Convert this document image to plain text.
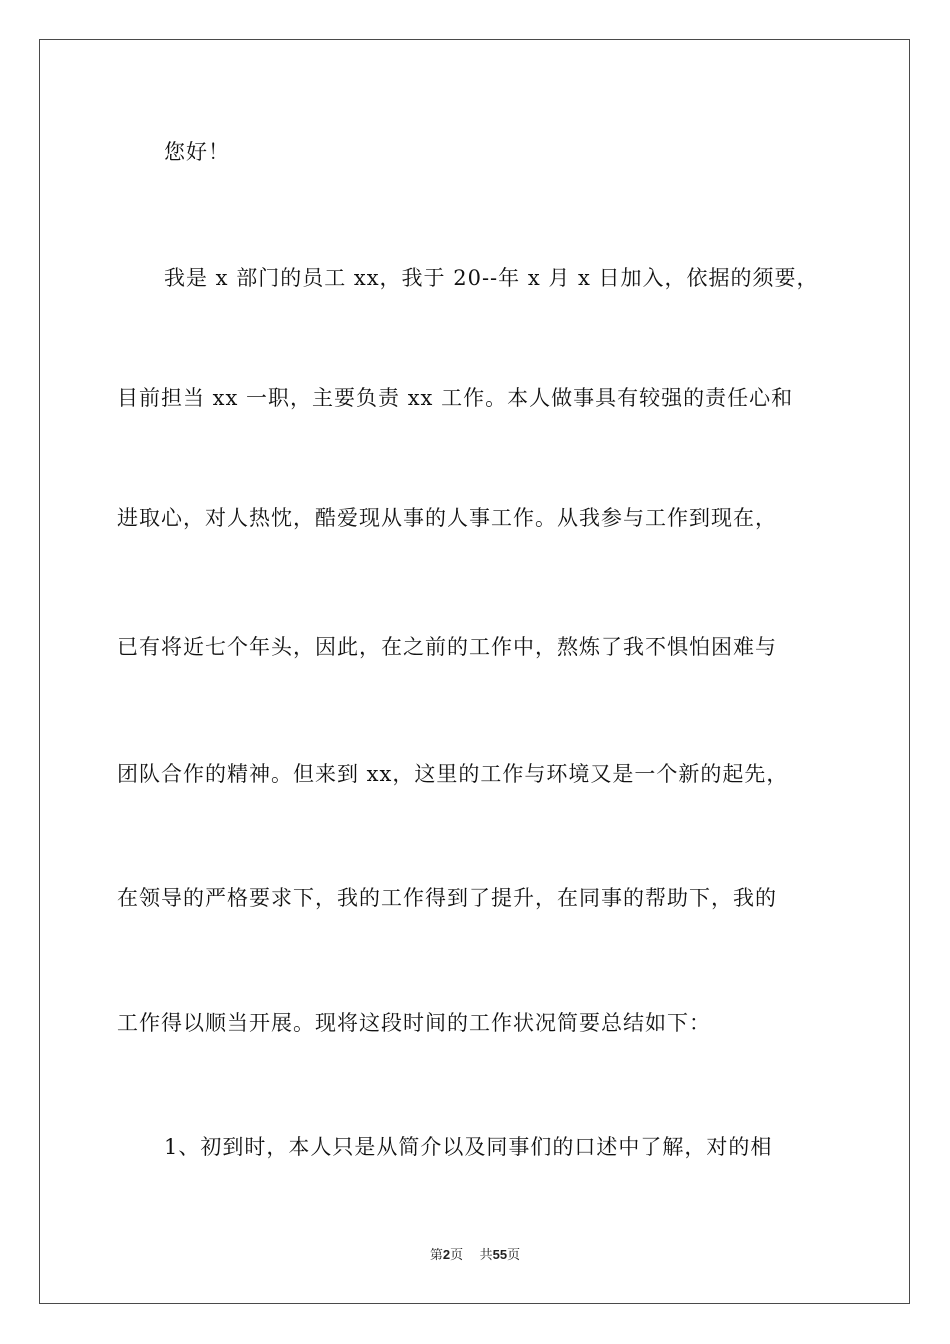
您好！
我是 x 部门的员工 xx，我于 20--年 x 月 x 日加入，依据的须要，
目前担当 xx 一职，主要负责 xx 工作。本人做事具有较强的责任心和
进取心，对人热忱，酷爱现从事的人事工作。从我参与工作到现在，
已有将近七个年头，因此，在之前的工作中，熬炼了我不惧怕困难与
团队合作的精神。但来到 xx，这里的工作与环境又是一个新的起先，
在领导的严格要求下，我的工作得到了提升，在同事的帮助下，我的
工作得以顺当开展。现将这段时间的工作状况简要总结如下：
1、初到时，本人只是从简介以及同事们的口述中了解，对的相
第2页 共55页
